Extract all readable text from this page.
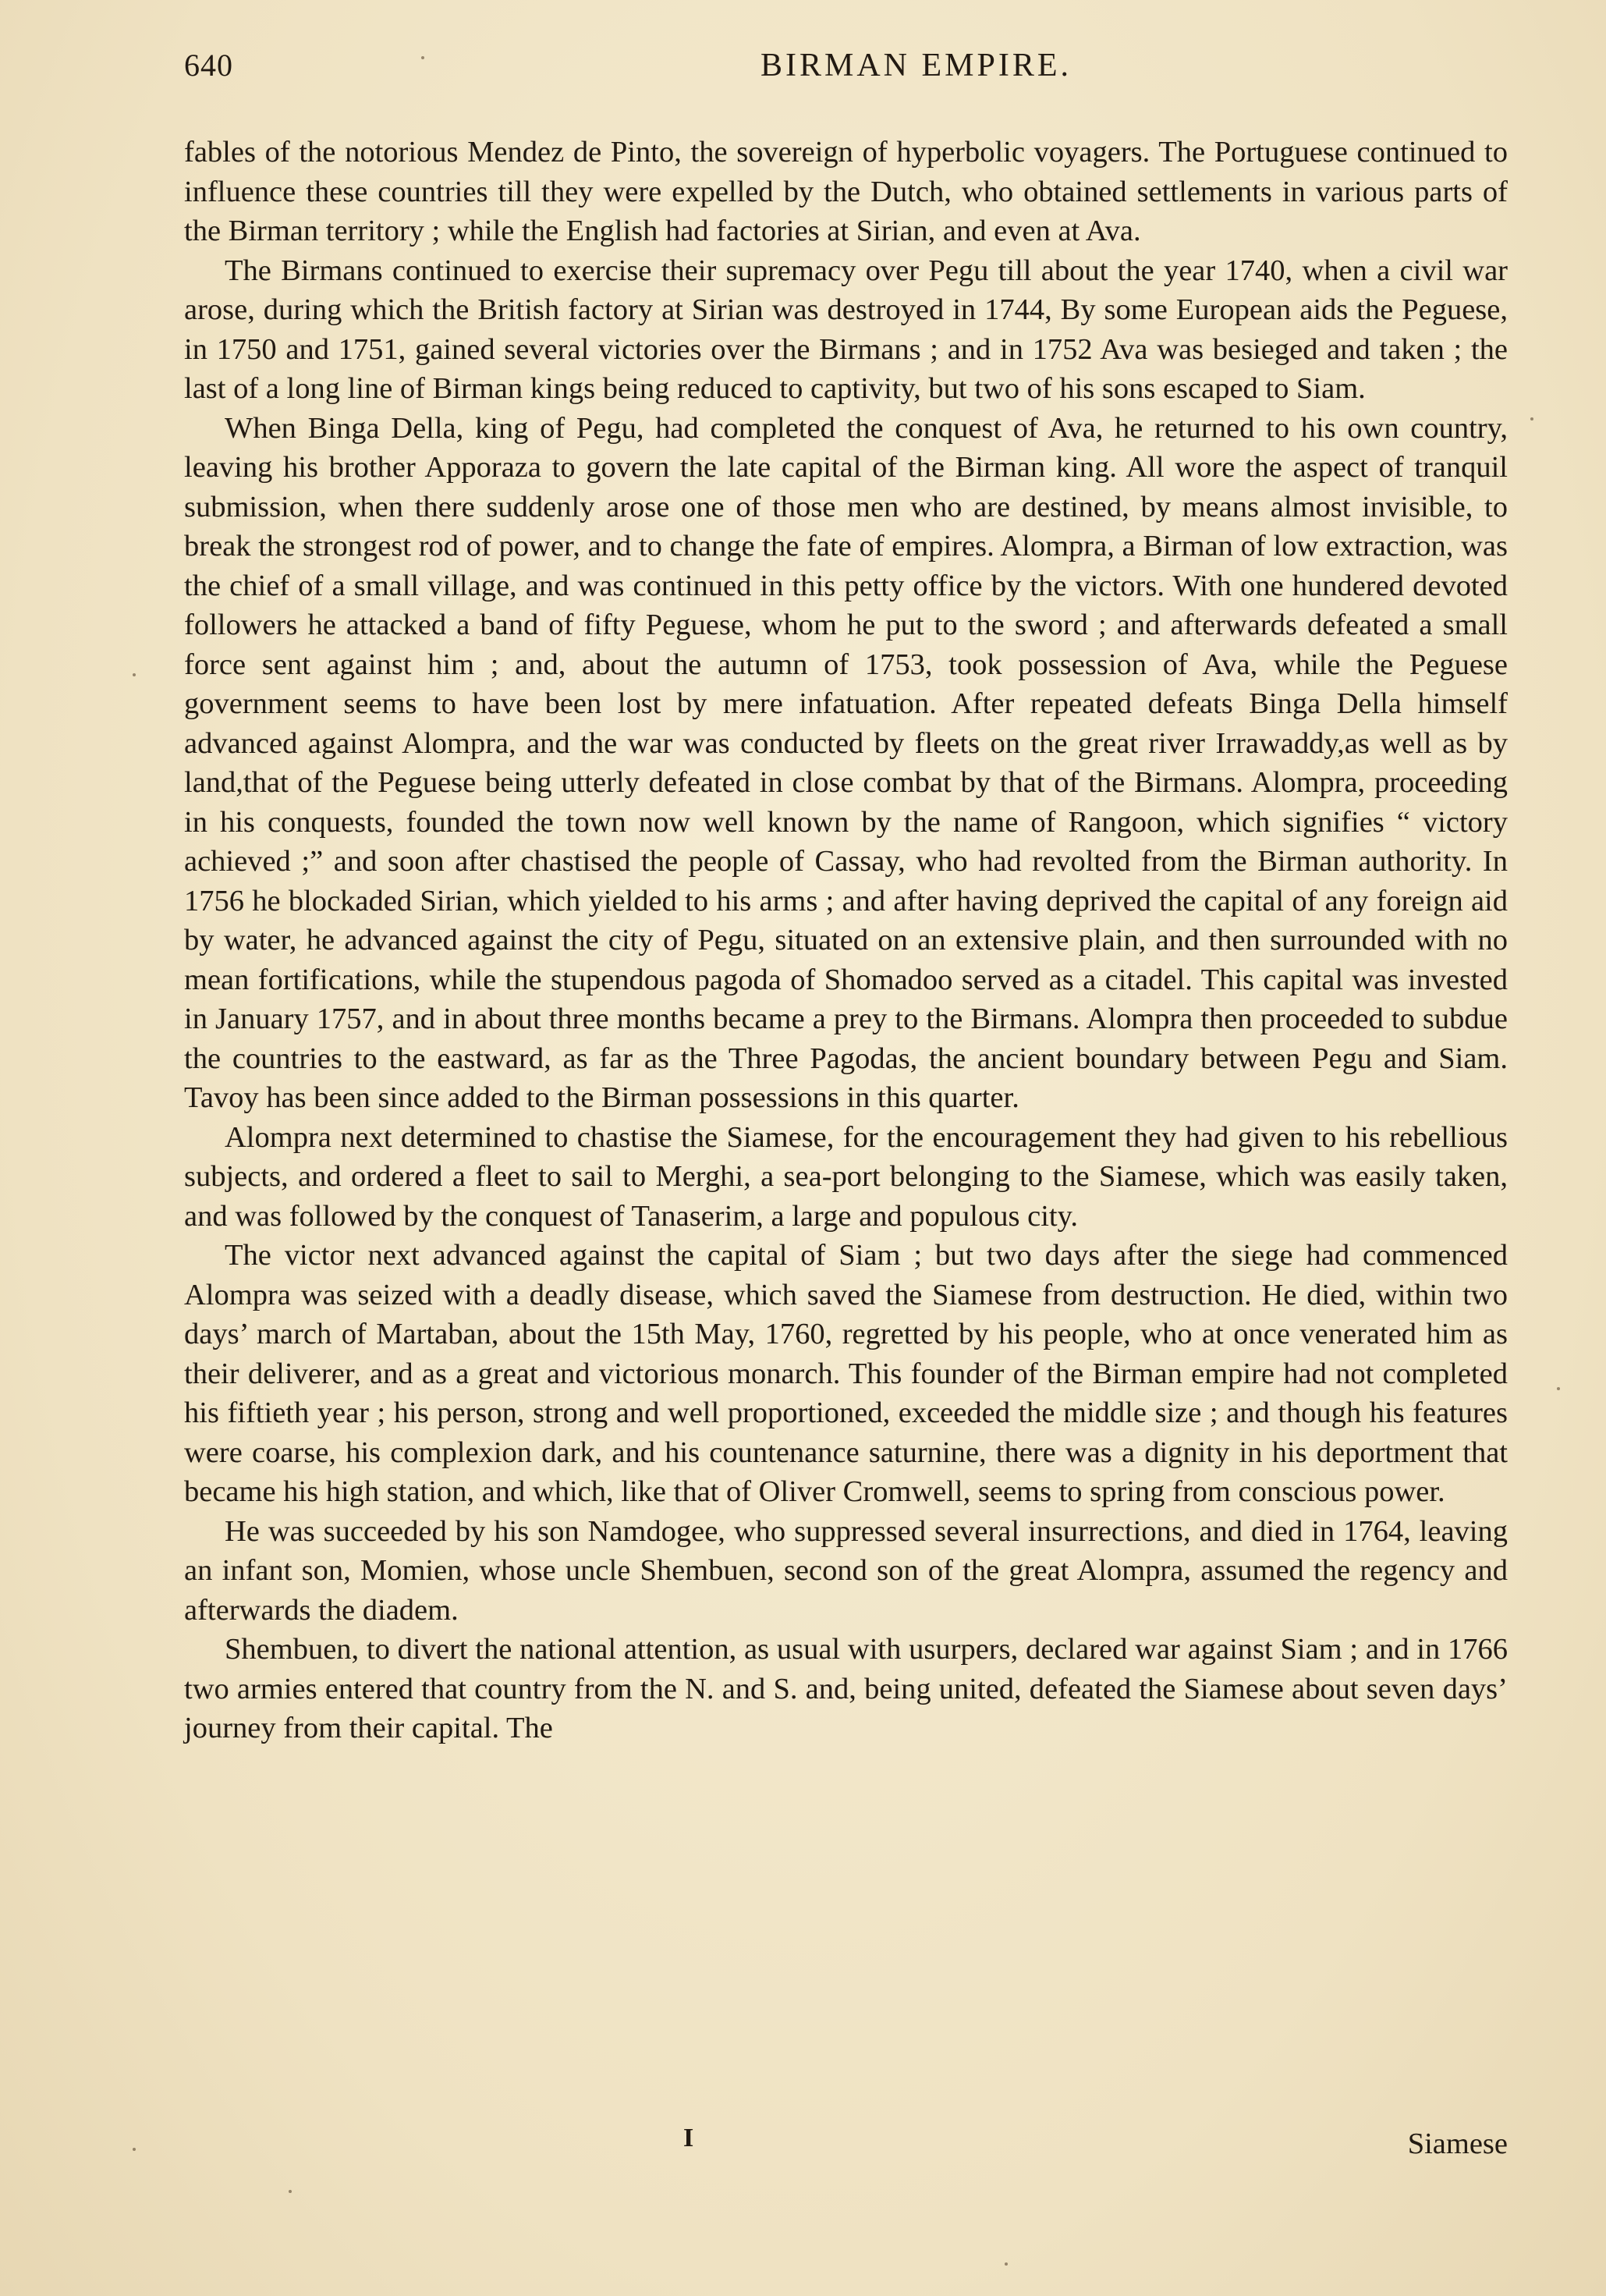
640	BIRMAN EMPIRE.

fables of the notorious Mendez de Pinto, the sovereign of hyperbolic voyagers. The Portuguese continued to influence these countries till they were expelled by the Dutch, who obtained settlements in various parts of the Birman territory ; while the English had factories at Sirian, and even at Ava.

The Birmans continued to exercise their supremacy over Pegu till about the year 1740, when a civil war arose, during which the British factory at Sirian was destroyed in 1744, By some European aids the Peguese, in 1750 and 1751, gained several victories over the Birmans ; and in 1752 Ava was besieged and taken ; the last of a long line of Birman kings being reduced to captivity, but two of his sons escaped to Siam.

When Binga Della, king of Pegu, had completed the conquest of Ava, he returned to his own country, leaving his brother Apporaza to govern the late capital of the Birman king. All wore the aspect of tranquil submission, when there suddenly arose one of those men who are destined, by means almost invisible, to break the strongest rod of power, and to change the fate of empires. Alompra, a Birman of low extraction, was the chief of a small village, and was continued in this petty office by the victors. With one hundered devoted followers he attacked a band of fifty Peguese, whom he put to the sword ; and afterwards defeated a small force sent against him ; and, about the autumn of 1753, took possession of Ava, while the Peguese government seems to have been lost by mere infatuation. After repeated defeats Binga Della himself advanced against Alompra, and the war was conducted by fleets on the great river Irrawaddy,as well as by land,that of the Peguese being utterly defeated in close combat by that of the Birmans. Alompra, proceeding in his conquests, founded the town now well known by the name of Rangoon, which signifies “ victory achieved ;” and soon after chastised the people of Cassay, who had revolted from the Birman authority. In 1756 he blockaded Sirian, which yielded to his arms ; and after having deprived the capital of any foreign aid by water, he advanced against the city of Pegu, situated on an extensive plain, and then surrounded with no mean fortifications, while the stupendous pagoda of Shomadoo served as a citadel. This capital was invested in January 1757, and in about three months became a prey to the Birmans. Alompra then proceeded to subdue the countries to the eastward, as far as the Three Pagodas, the ancient boundary between Pegu and Siam. Tavoy has been since added to the Birman possessions in this quarter.

Alompra next determined to chastise the Siamese, for the encouragement they had given to his rebellious subjects, and ordered a fleet to sail to Merghi, a sea-port belonging to the Siamese, which was easily taken, and was followed by the conquest of Tanaserim, a large and populous city.

The victor next advanced against the capital of Siam ; but two days after the siege had commenced Alompra was seized with a deadly disease, which saved the Siamese from destruction. He died, within two days’ march of Martaban, about the 15th May, 1760, regretted by his people, who at once venerated him as their deliverer, and as a great and victorious monarch. This founder of the Birman empire had not completed his fiftieth year ; his person, strong and well proportioned, exceeded the middle size ; and though his features were coarse, his complexion dark, and his countenance saturnine, there was a dignity in his deportment that became his high station, and which, like that of Oliver Cromwell, seems to spring from conscious power.

He was succeeded by his son Namdogee, who suppressed several insurrections, and died in 1764, leaving an infant son, Momien, whose uncle Shembuen, second son of the great Alompra, assumed the regency and afterwards the diadem.

Shembuen, to divert the national attention, as usual with usurpers, declared war against Siam ; and in 1766 two armies entered that country from the N. and S. and, being united, defeated the Siamese about seven days’ journey from their capital. The

I	Siamese
